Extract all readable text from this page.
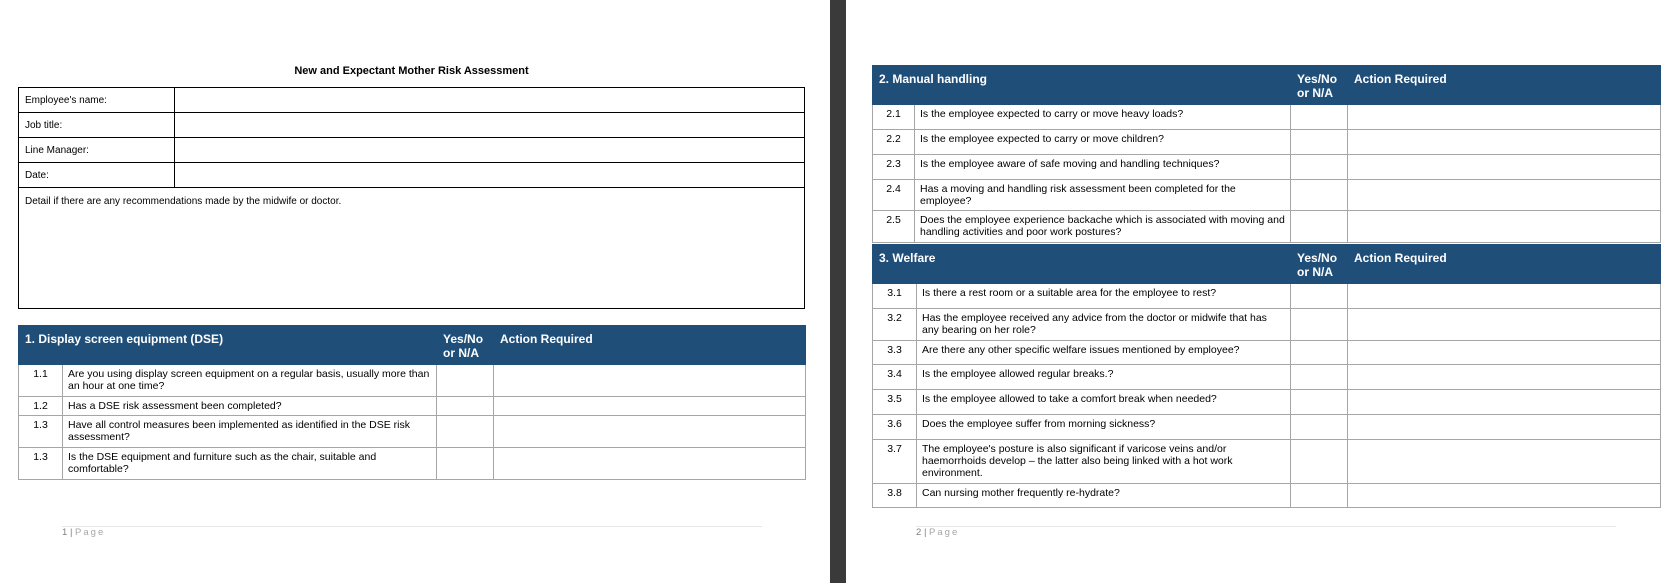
New and Expectant Mother Risk Assessment
Employee's name:	
Job title:	
Line Manager:	
Date:	
Detail if there are any recommendations made by the midwife or doctor.	
1. Display screen equipment (DSE)		Yes/No or N/A	Action Required
1.1	Are you using display screen equipment on a regular basis, usually more than an hour at one time?		
1.2	Has a DSE risk assessment been completed?		
1.3	Have all control measures been implemented as identified in the DSE risk assessment?		
1.3	Is the DSE equipment and furniture such as the chair, suitable and comfortable?		
1 | Page
2. Manual handling		Yes/No or N/A	Action Required
2.1	Is the employee expected to carry or move heavy loads?		
2.2	Is the employee expected to carry or move children?		
2.3	Is the employee aware of safe moving and handling techniques?		
2.4	Has a moving and handling risk assessment been completed for the employee?		
2.5	Does the employee experience backache which is associated with moving and handling activities and poor work postures?		
3. Welfare		Yes/No or N/A	Action Required
3.1	Is there a rest room or a suitable area for the employee to rest?		
3.2	Has the employee received any advice from the doctor or midwife that has any bearing on her role?		
3.3	Are there any other specific welfare issues mentioned by employee?		
3.4	Is the employee allowed regular breaks.?		
3.5	Is the employee allowed to take a comfort break when needed?		
3.6	Does the employee suffer from morning sickness?		
3.7	The employee's posture is also significant if varicose veins and/or haemorrhoids develop – the latter also being linked with a hot work environment.		
3.8	Can nursing mother frequently re-hydrate?		
2 | Page
